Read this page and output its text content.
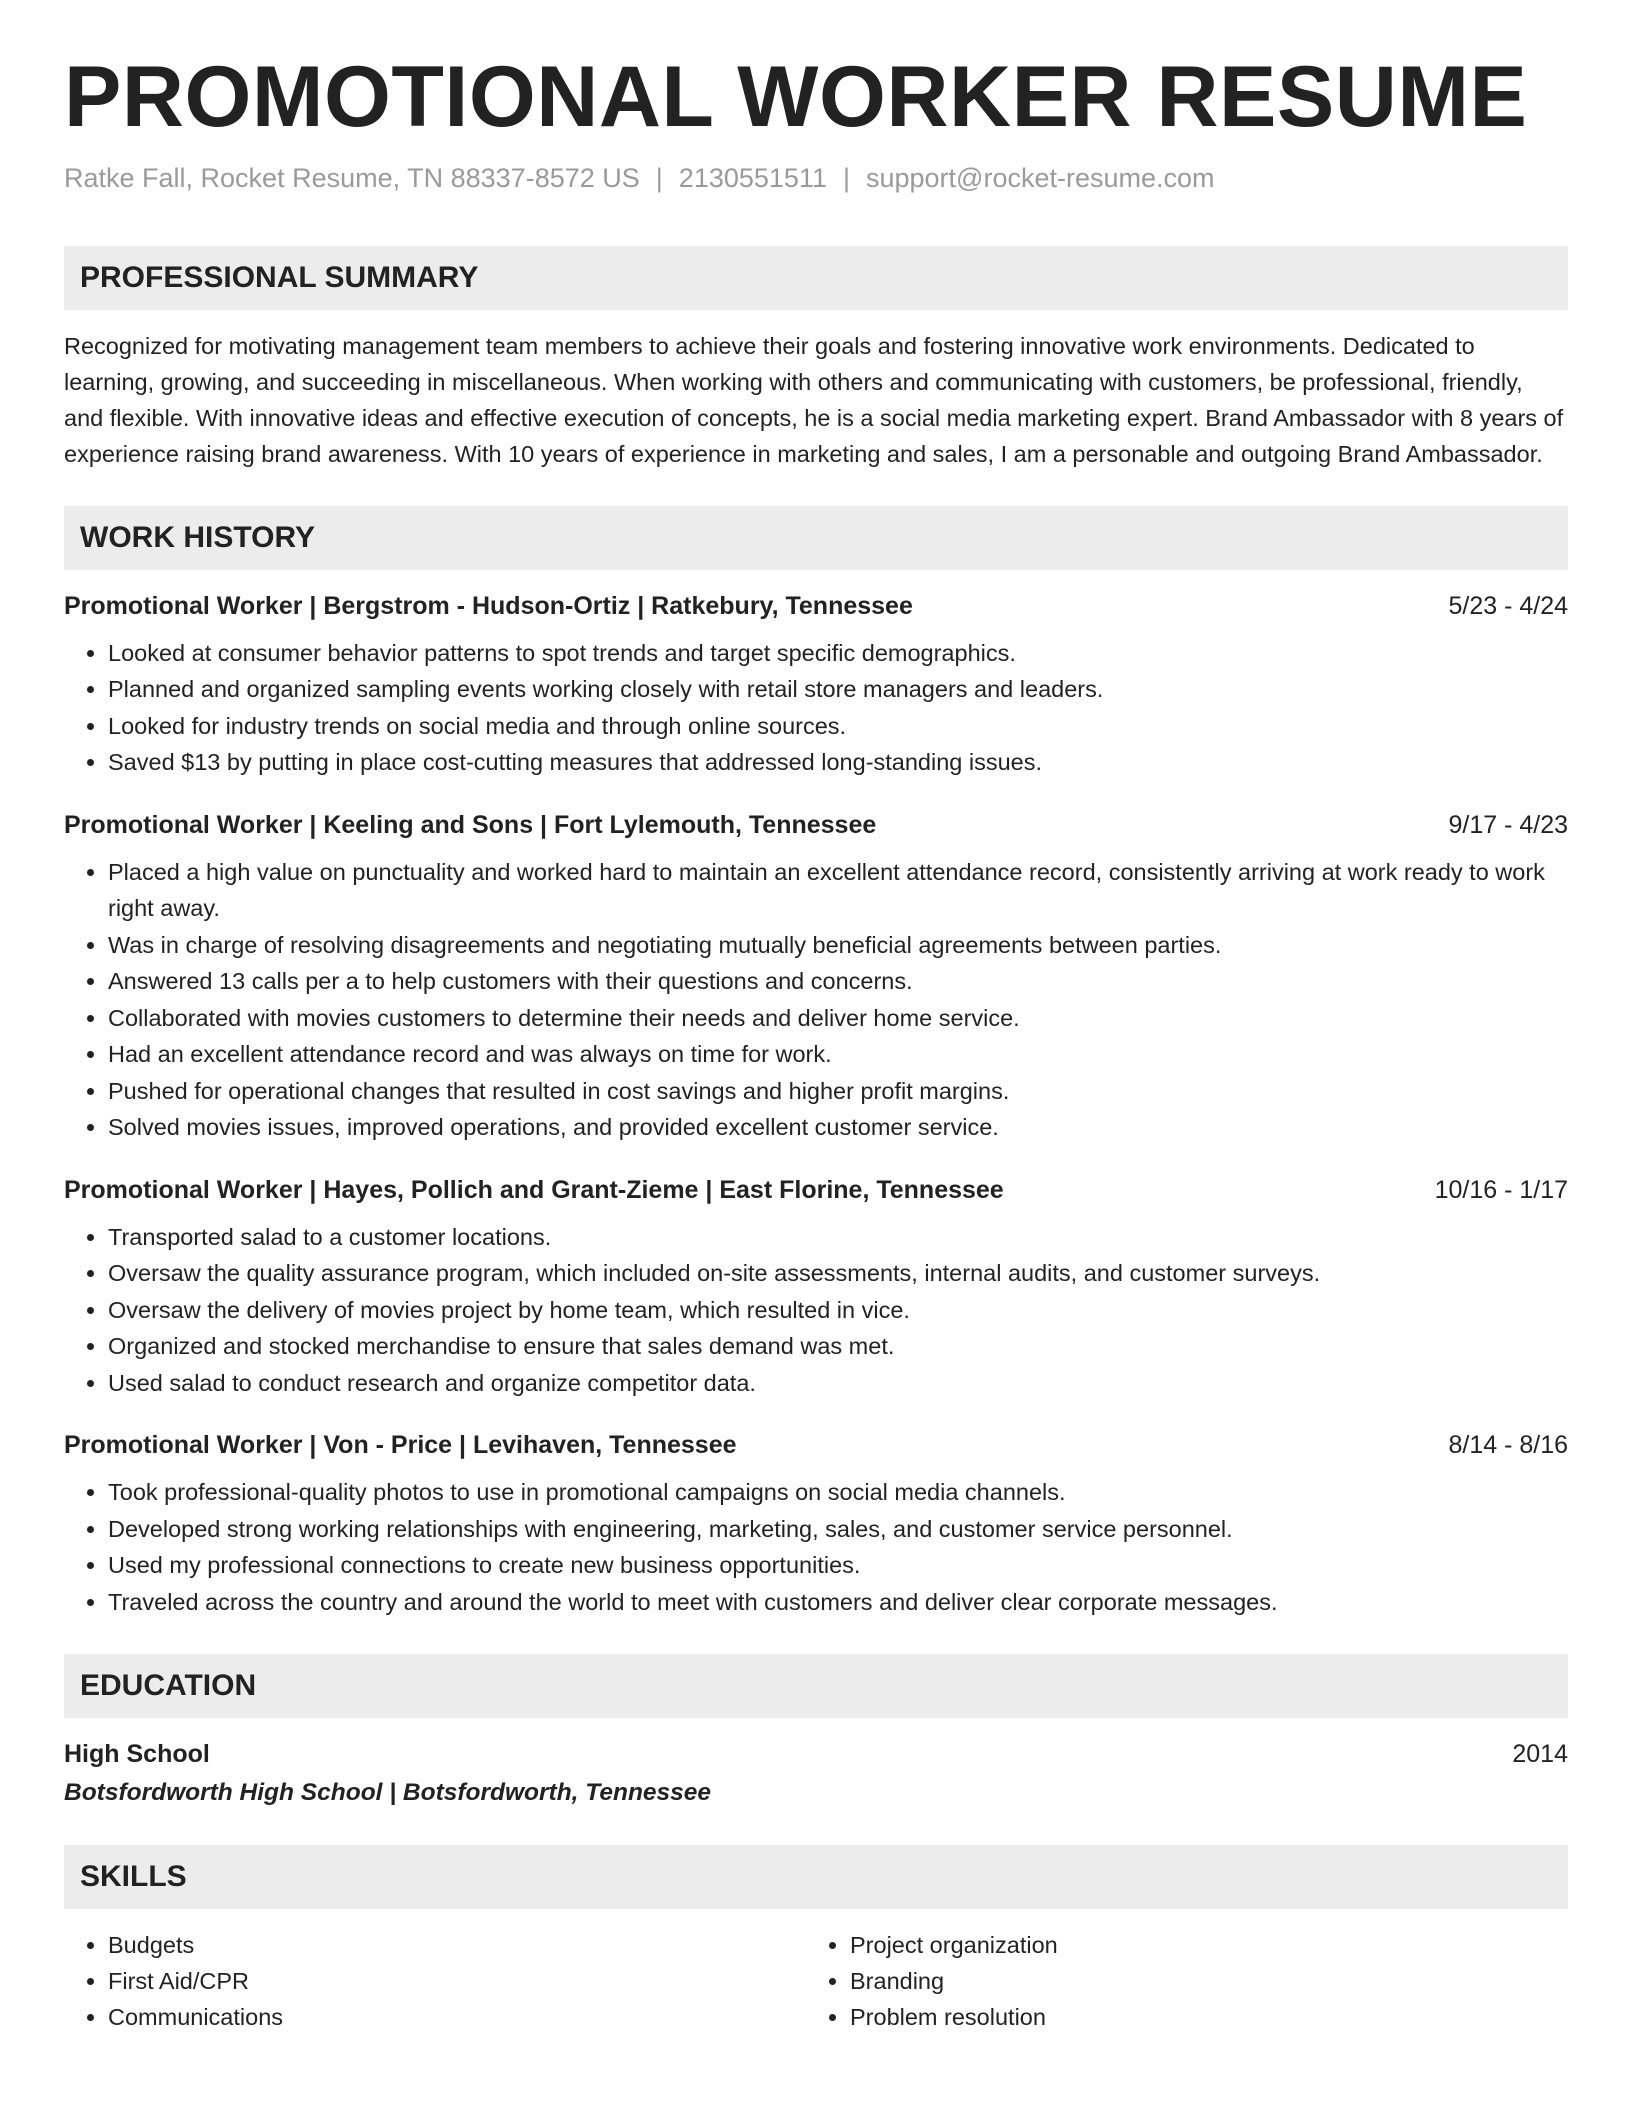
PROMOTIONAL WORKER RESUME
Ratke Fall, Rocket Resume, TN 88337-8572 US | 2130551511 | support@rocket-resume.com
PROFESSIONAL SUMMARY
Recognized for motivating management team members to achieve their goals and fostering innovative work environments. Dedicated to learning, growing, and succeeding in miscellaneous. When working with others and communicating with customers, be professional, friendly, and flexible. With innovative ideas and effective execution of concepts, he is a social media marketing expert. Brand Ambassador with 8 years of experience raising brand awareness. With 10 years of experience in marketing and sales, I am a personable and outgoing Brand Ambassador.
WORK HISTORY
Promotional Worker | Bergstrom - Hudson-Ortiz | Ratkebury, Tennessee	5/23 - 4/24
• Looked at consumer behavior patterns to spot trends and target specific demographics.
• Planned and organized sampling events working closely with retail store managers and leaders.
• Looked for industry trends on social media and through online sources.
• Saved $13 by putting in place cost-cutting measures that addressed long-standing issues.
Promotional Worker | Keeling and Sons | Fort Lylemouth, Tennessee	9/17 - 4/23
• Placed a high value on punctuality and worked hard to maintain an excellent attendance record, consistently arriving at work ready to work right away.
• Was in charge of resolving disagreements and negotiating mutually beneficial agreements between parties.
• Answered 13 calls per a to help customers with their questions and concerns.
• Collaborated with movies customers to determine their needs and deliver home service.
• Had an excellent attendance record and was always on time for work.
• Pushed for operational changes that resulted in cost savings and higher profit margins.
• Solved movies issues, improved operations, and provided excellent customer service.
Promotional Worker | Hayes, Pollich and Grant-Zieme | East Florine, Tennessee	10/16 - 1/17
• Transported salad to a customer locations.
• Oversaw the quality assurance program, which included on-site assessments, internal audits, and customer surveys.
• Oversaw the delivery of movies project by home team, which resulted in vice.
• Organized and stocked merchandise to ensure that sales demand was met.
• Used salad to conduct research and organize competitor data.
Promotional Worker | Von - Price | Levihaven, Tennessee	8/14 - 8/16
• Took professional-quality photos to use in promotional campaigns on social media channels.
• Developed strong working relationships with engineering, marketing, sales, and customer service personnel.
• Used my professional connections to create new business opportunities.
• Traveled across the country and around the world to meet with customers and deliver clear corporate messages.
EDUCATION
High School	2014
Botsfordworth High School | Botsfordworth, Tennessee
SKILLS
• Budgets
• First Aid/CPR
• Communications
• Project organization
• Branding
• Problem resolution
